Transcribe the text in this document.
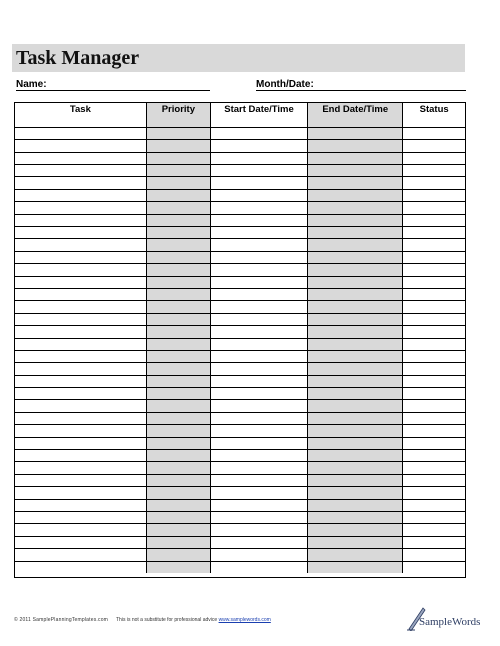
Task Manager
Name:	Month/Date:
Task	Priority	Start Date/Time	End Date/Time	Status

© 2011 SamplePlanningTemplates.com This is not a substitute for professional advice www.samplewords.com	SampleWords
